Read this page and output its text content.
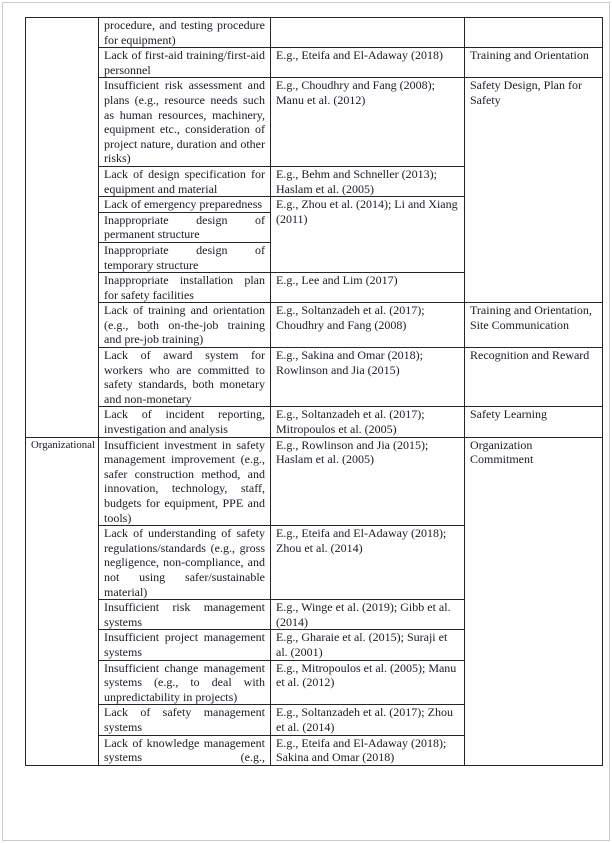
	procedure, and testing procedure for equipment)		
	Lack of first-aid training/first-aid personnel	E.g., Eteifa and El-Adaway (2018)	Training and Orientation
	Insufficient risk assessment and plans (e.g., resource needs such as human resources, machinery, equipment etc., consideration of project nature, duration and other risks)	E.g., Choudhry and Fang (2008); Manu et al. (2012)	Safety Design, Plan for Safety
	Lack of design specification for equipment and material	E.g., Behm and Schneller (2013); Haslam et al. (2005)	
	Lack of emergency preparedness	E.g., Zhou et al. (2014); Li and Xiang (2011)	
	Inappropriate design of permanent structure		
	Inappropriate design of temporary structure		
	Inappropriate installation plan for safety facilities	E.g., Lee and Lim (2017)	
	Lack of training and orientation (e.g., both on-the-job training and pre-job training)	E.g., Soltanzadeh et al. (2017); Choudhry and Fang (2008)	Training and Orientation, Site Communication
	Lack of award system for workers who are committed to safety standards, both monetary and non-monetary	E.g., Sakina and Omar (2018); Rowlinson and Jia (2015)	Recognition and Reward
	Lack of incident reporting, investigation and analysis	E.g., Soltanzadeh et al. (2017); Mitropoulos et al. (2005)	Safety Learning
Organizational	Insufficient investment in safety management improvement (e.g., safer construction method, and innovation, technology, staff, budgets for equipment, PPE and tools)	E.g., Rowlinson and Jia (2015); Haslam et al. (2005)	Organization Commitment
	Lack of understanding of safety regulations/standards (e.g., gross negligence, non-compliance, and not using safer/sustainable material)	E.g., Eteifa and El-Adaway (2018); Zhou et al. (2014)	
	Insufficient risk management systems	E.g., Winge et al. (2019); Gibb et al. (2014)	
	Insufficient project management systems	E.g., Gharaie et al. (2015); Suraji et al. (2001)	
	Insufficient change management systems (e.g., to deal with unpredictability in projects)	E.g., Mitropoulos et al. (2005); Manu et al. (2012)	
	Lack of safety management systems	E.g., Soltanzadeh et al. (2017); Zhou et al. (2014)	
	Lack of knowledge management systems (e.g.,	E.g., Eteifa and El-Adaway (2018); Sakina and Omar (2018)	
